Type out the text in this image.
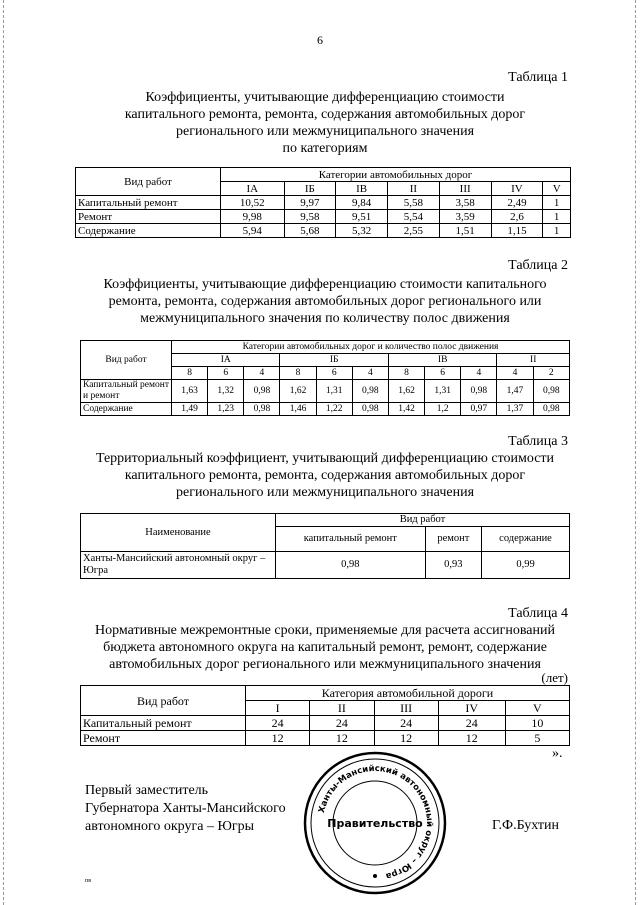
6
Таблица 1
Коэффициенты, учитывающие дифференциацию стоимости
капитального ремонта, ремонта, содержания автомобильных дорог
регионального или межмуниципального значения
по категориям
Вид работ	Категории автомобильных дорог						
	IА	IБ	IВ	II	III	IV	V
Капитальный ремонт	10,52	9,97	9,84	5,58	3,58	2,49	1
Ремонт	9,98	9,58	9,51	5,54	3,59	2,6	1
Содержание	5,94	5,68	5,32	2,55	1,51	1,15	1
Таблица 2
Коэффициенты, учитывающие дифференциацию стоимости капитального
ремонта, ремонта, содержания автомобильных дорог регионального или
межмуниципального значения по количеству полос движения
Вид работ	Категории автомобильных дорог и количество полос движения										
	IА			IБ			IВ			II	
	8	6	4	8	6	4	8	6	4	4	2
Капитальный ремонт и ремонт	1,63	1,32	0,98	1,62	1,31	0,98	1,62	1,31	0,98	1,47	0,98
Содержание	1,49	1,23	0,98	1,46	1,22	0,98	1,42	1,2	0,97	1,37	0,98
Таблица 3
Территориальный коэффициент, учитывающий дифференциацию стоимости
капитального ремонта, ремонта, содержания автомобильных дорог
регионального или межмуниципального значения
Наименование	Вид работ		
	капитальный ремонт	ремонт	содержание
Ханты-Мансийский автономный округ – Югра	0,98	0,93	0,99
Таблица 4
Нормативные межремонтные сроки, применяемые для расчета ассигнований
бюджета автономного округа на капитальный ремонт, ремонт, содержание
автомобильных дорог регионального или межмуниципального значения
(лет)
Вид работ	Категория автомобильной дороги				
	I	II	III	IV	V
Капитальный ремонт	24	24	24	24	10
Ремонт	12	12	12	12	5
».
Первый заместитель
Губернатора Ханты-Мансийского
автономного округа – Югры
Ханты-Мансийский автономный округ – Югра
Правительство	Г.Ф.Бухтин
пв
